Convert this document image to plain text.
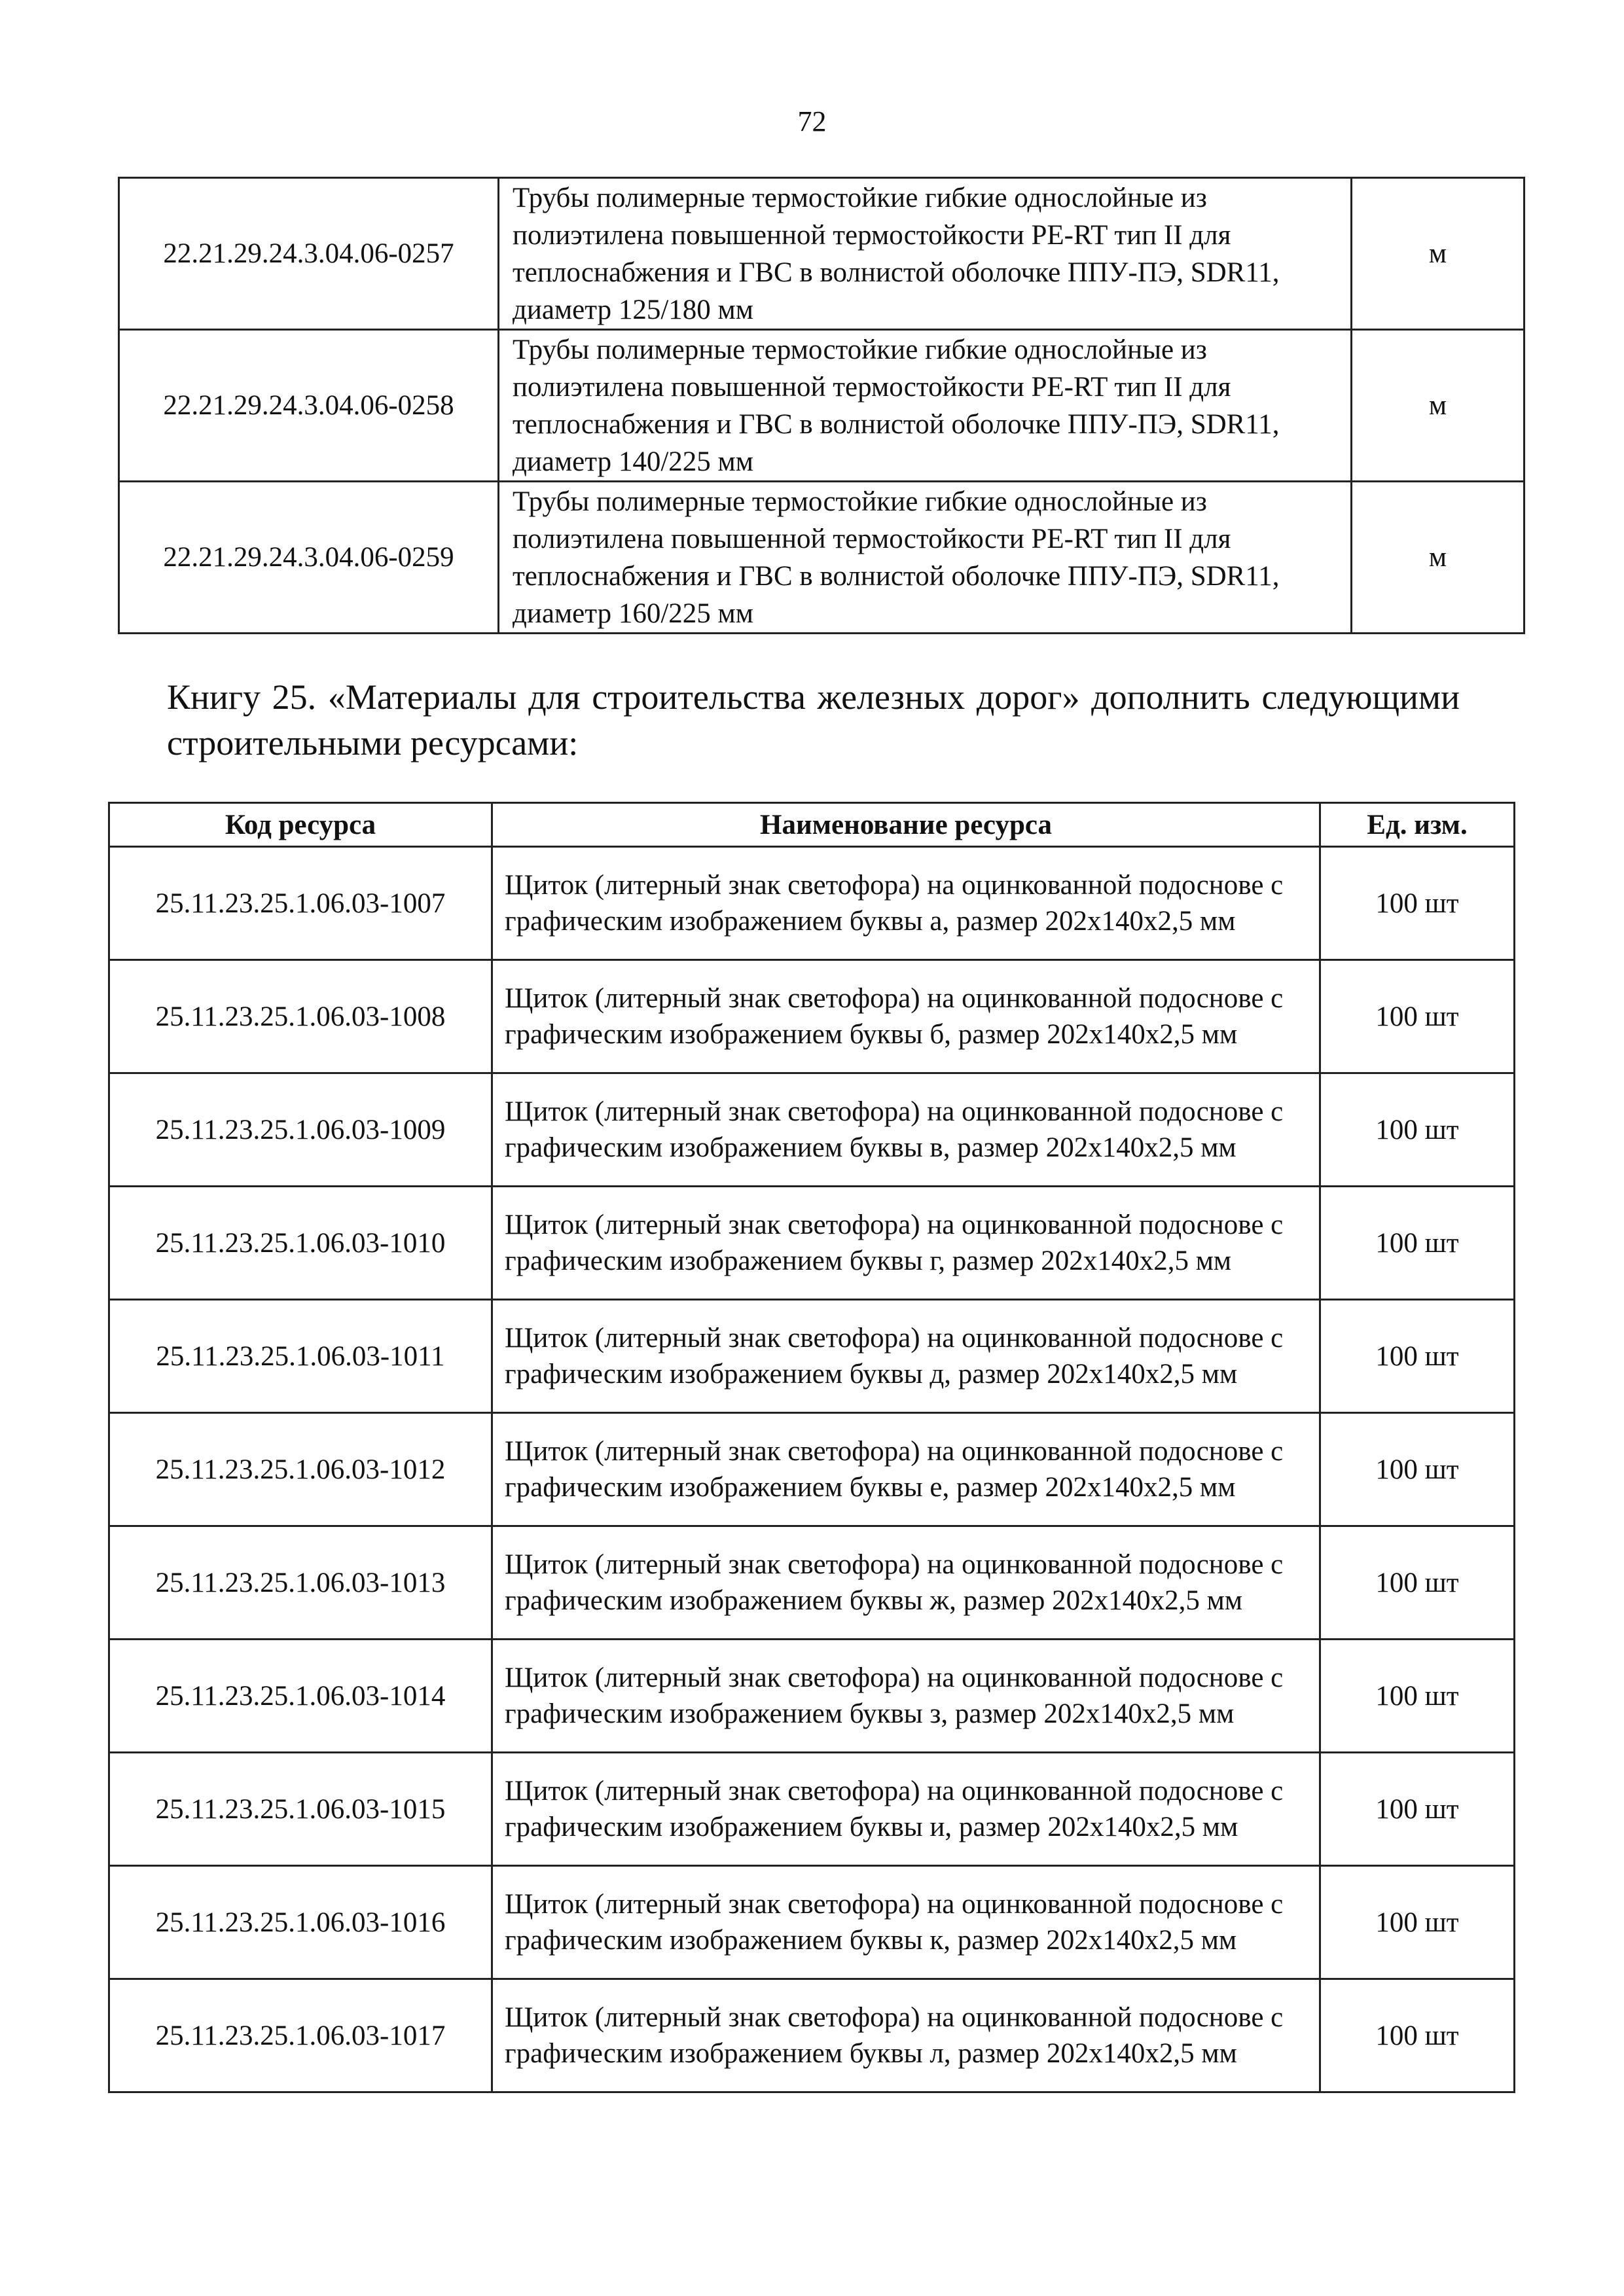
72
22.21.29.24.3.04.06-0257	Трубы полимерные термостойкие гибкие однослойные из полиэтилена повышенной термостойкости PE-RT тип II для теплоснабжения и ГВС в волнистой оболочке ППУ-ПЭ, SDR11, диаметр 125/180 мм	м
22.21.29.24.3.04.06-0258	Трубы полимерные термостойкие гибкие однослойные из полиэтилена повышенной термостойкости PE-RT тип II для теплоснабжения и ГВС в волнистой оболочке ППУ-ПЭ, SDR11, диаметр 140/225 мм	м
22.21.29.24.3.04.06-0259	Трубы полимерные термостойкие гибкие однослойные из полиэтилена повышенной термостойкости PE-RT тип II для теплоснабжения и ГВС в волнистой оболочке ППУ-ПЭ, SDR11, диаметр 160/225 мм	м
Книгу 25. «Материалы для строительства железных дорог» дополнить следующими строительными ресурсами:
Код ресурса	Наименование ресурса	Ед. изм.
25.11.23.25.1.06.03-1007	Щиток (литерный знак светофора) на оцинкованной подоснове с графическим изображением буквы а, размер 202х140х2,5 мм	100 шт
25.11.23.25.1.06.03-1008	Щиток (литерный знак светофора) на оцинкованной подоснове с графическим изображением буквы б, размер 202х140х2,5 мм	100 шт
25.11.23.25.1.06.03-1009	Щиток (литерный знак светофора) на оцинкованной подоснове с графическим изображением буквы в, размер 202х140х2,5 мм	100 шт
25.11.23.25.1.06.03-1010	Щиток (литерный знак светофора) на оцинкованной подоснове с графическим изображением буквы г, размер 202х140х2,5 мм	100 шт
25.11.23.25.1.06.03-1011	Щиток (литерный знак светофора) на оцинкованной подоснове с графическим изображением буквы д, размер 202х140х2,5 мм	100 шт
25.11.23.25.1.06.03-1012	Щиток (литерный знак светофора) на оцинкованной подоснове с графическим изображением буквы е, размер 202х140х2,5 мм	100 шт
25.11.23.25.1.06.03-1013	Щиток (литерный знак светофора) на оцинкованной подоснове с графическим изображением буквы ж, размер 202х140х2,5 мм	100 шт
25.11.23.25.1.06.03-1014	Щиток (литерный знак светофора) на оцинкованной подоснове с графическим изображением буквы з, размер 202х140х2,5 мм	100 шт
25.11.23.25.1.06.03-1015	Щиток (литерный знак светофора) на оцинкованной подоснове с графическим изображением буквы и, размер 202х140х2,5 мм	100 шт
25.11.23.25.1.06.03-1016	Щиток (литерный знак светофора) на оцинкованной подоснове с графическим изображением буквы к, размер 202х140х2,5 мм	100 шт
25.11.23.25.1.06.03-1017	Щиток (литерный знак светофора) на оцинкованной подоснове с графическим изображением буквы л, размер 202х140х2,5 мм	100 шт
